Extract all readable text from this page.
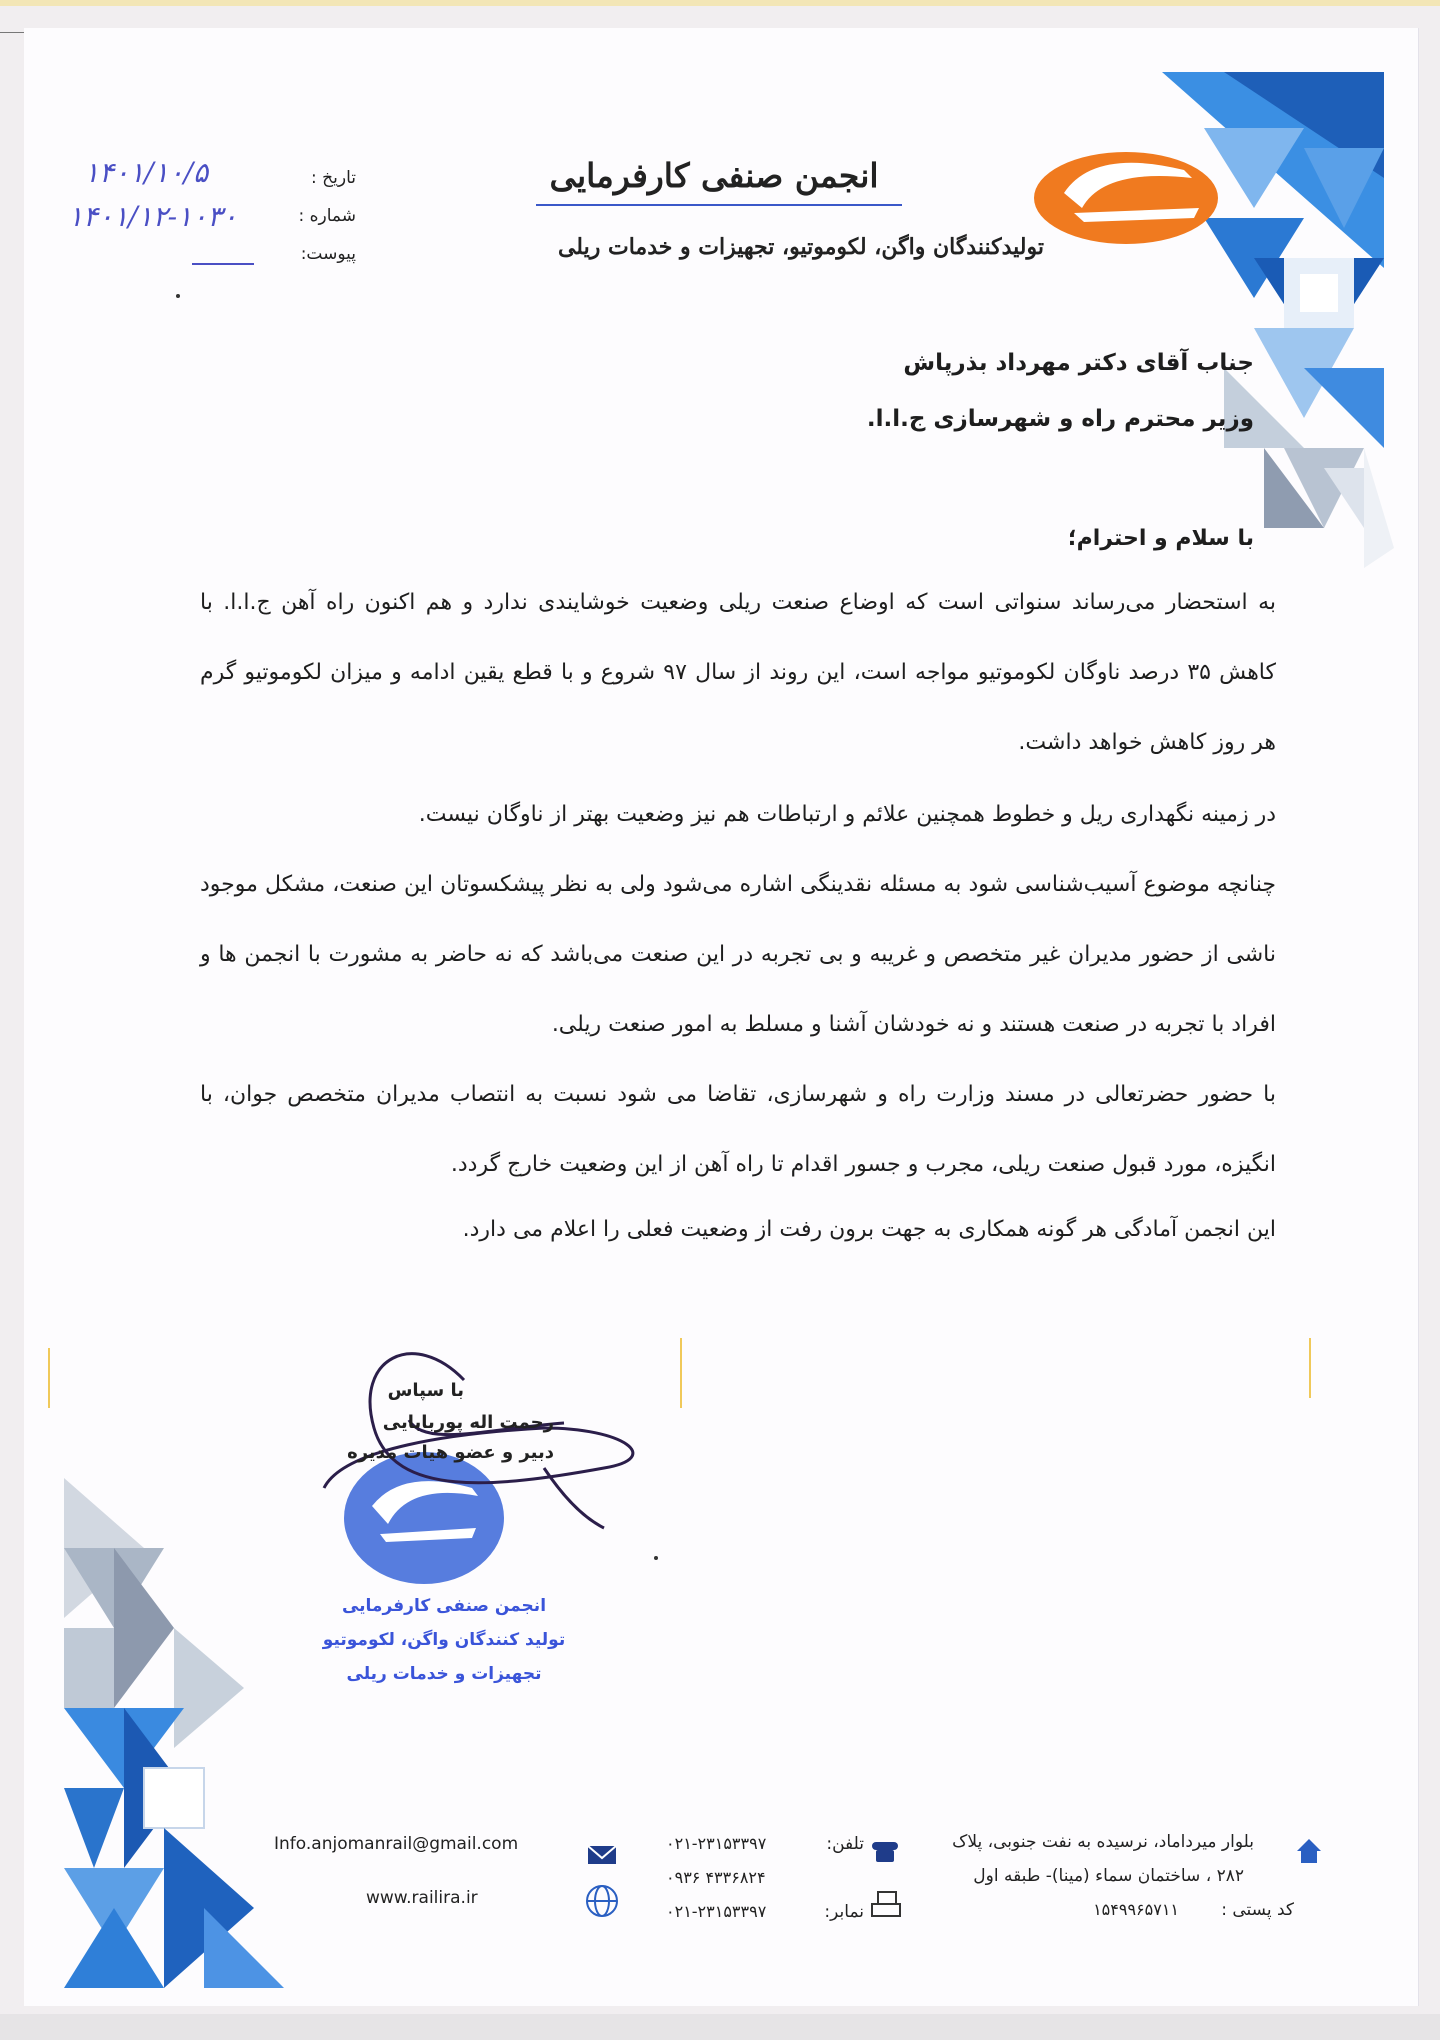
انجمن صنفی کارفرمایی
تولیدکنندگان واگن، لکوموتیو، تجهیزات و خدمات ریلی
تاریخ :
شماره :
پیوست:
۱۴۰۱/۱۰/۵
۱۴۰۱/۱۲-۱۰۳۰
جناب آقای دکتر مهرداد بذرپاش
وزیر محترم راه و شهرسازی ج.ا.ا.
با سلام و احترام؛
به استحضار می‌رساند سنواتی است که اوضاع صنعت ریلی وضعیت خوشایندی ندارد و هم اکنون راه آهن ج.ا.ا. با کاهش ۳۵ درصد ناوگان لکوموتیو مواجه است، این روند از سال ۹۷ شروع و با قطع یقین ادامه و میزان لکوموتیو گرم هر روز کاهش خواهد داشت.
در زمینه نگهداری ریل و خطوط همچنین علائم و ارتباطات هم نیز وضعیت بهتر از ناوگان نیست.
چنانچه موضوع آسیب‌شناسی شود به مسئله نقدینگی اشاره می‌شود ولی به نظر پیشکسوتان این صنعت، مشکل موجود ناشی از حضور مدیران غیر متخصص و غریبه و بی تجربه در این صنعت می‌باشد که نه حاضر به مشورت با انجمن ها و افراد با تجربه در صنعت هستند و نه خودشان آشنا و مسلط به امور صنعت ریلی.
با حضور حضرتعالی در مسند وزارت راه و شهرسازی، تقاضا می شود نسبت به انتصاب مدیران متخصص جوان، با انگیزه، مورد قبول صنعت ریلی، مجرب و جسور اقدام تا راه آهن از این وضعیت خارج گردد.
این انجمن آمادگی هر گونه همکاری به جهت برون رفت از وضعیت فعلی را اعلام می دارد.
با سپاس
رحمت اله پوربابایی
دبیر و عضو هیات مدیره
انجمن صنفی کارفرمایی
تولید کنندگان واگن، لکوموتیو
تجهیزات و خدمات ریلی
بلوار میرداماد، نرسیده به نفت جنوبی، پلاک
۲۸۲ ، ساختمان سماء (مینا)- طبقه اول
کد پستی :
۱۵۴۹۹۶۵۷۱۱
تلفن:
۰۲۱-۲۳۱۵۳۳۹۷
۰۹۳۶ ۴۳۳۶۸۲۴
نمابر:
۰۲۱-۲۳۱۵۳۳۹۷
Info.anjomanrail@gmail.com
www.railira.ir
